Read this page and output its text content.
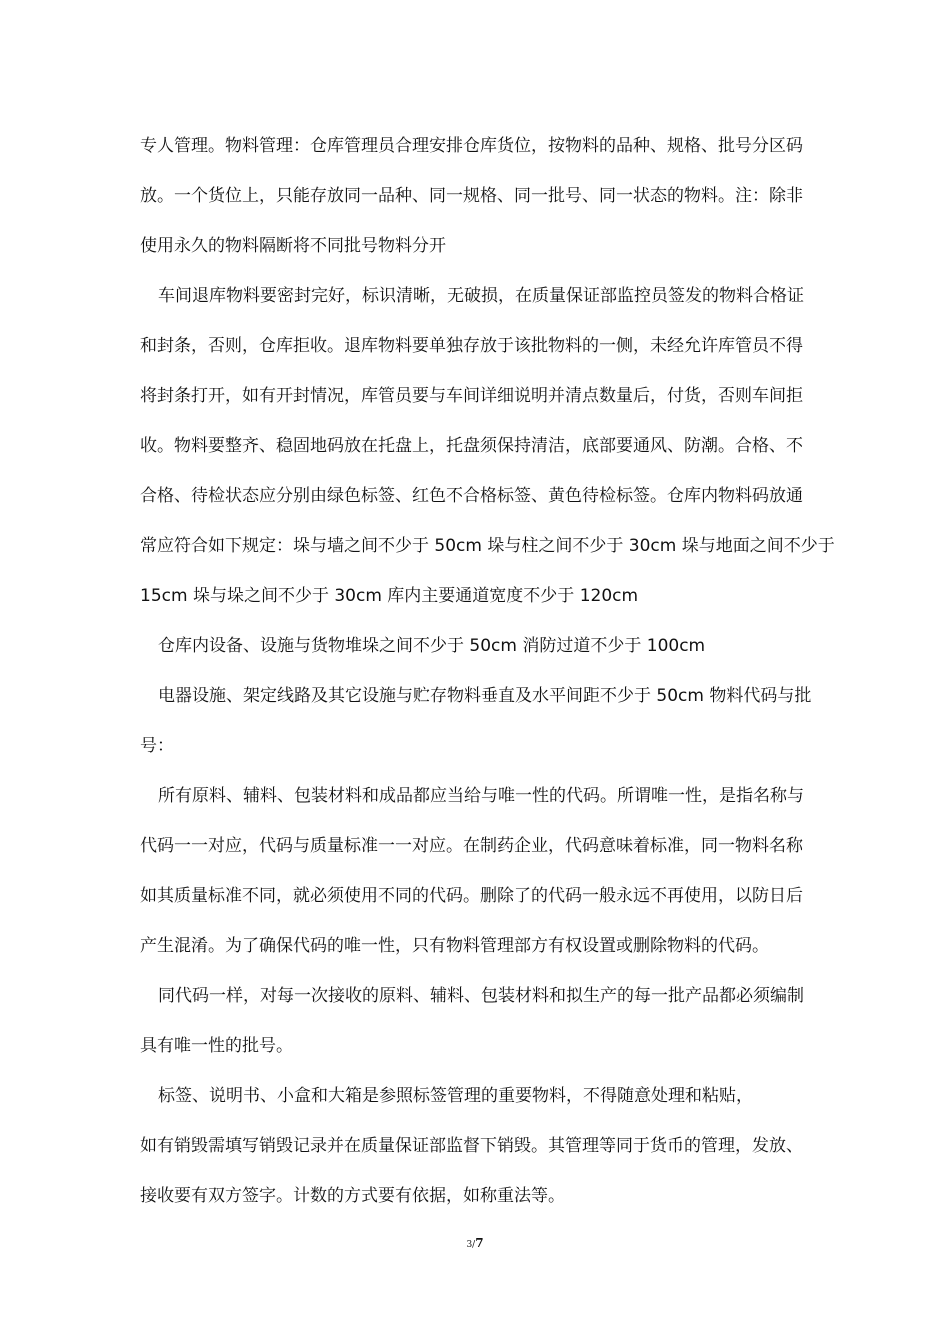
专人管理。物料管理：仓库管理员合理安排仓库货位，按物料的品种、规格、批号分区码
放。一个货位上，只能存放同一品种、同一规格、同一批号、同一状态的物料。注：除非
使用永久的物料隔断将不同批号物料分开
车间退库物料要密封完好，标识清晰，无破损，在质量保证部监控员签发的物料合格证
和封条，否则，仓库拒收。退库物料要单独存放于该批物料的一侧，未经允许库管员不得
将封条打开，如有开封情况，库管员要与车间详细说明并清点数量后，付货，否则车间拒
收。物料要整齐、稳固地码放在托盘上，托盘须保持清洁，底部要通风、防潮。合格、不
合格、待检状态应分别由绿色标签、红色不合格标签、黄色待检标签。仓库内物料码放通
常应符合如下规定：垛与墙之间不少于 50cm 垛与柱之间不少于 30cm 垛与地面之间不少于
15cm 垛与垛之间不少于 30cm 库内主要通道宽度不少于 120cm
仓库内设备、设施与货物堆垛之间不少于 50cm 消防过道不少于 100cm
电器设施、架定线路及其它设施与贮存物料垂直及水平间距不少于 50cm 物料代码与批
号：
所有原料、辅料、包装材料和成品都应当给与唯一性的代码。所谓唯一性，是指名称与
代码一一对应，代码与质量标准一一对应。在制药企业，代码意味着标准，同一物料名称
如其质量标准不同，就必须使用不同的代码。删除了的代码一般永远不再使用，以防日后
产生混淆。为了确保代码的唯一性，只有物料管理部方有权设置或删除物料的代码。
同代码一样，对每一次接收的原料、辅料、包装材料和拟生产的每一批产品都必须编制
具有唯一性的批号。
标签、说明书、小盒和大箱是参照标签管理的重要物料，不得随意处理和粘贴，
如有销毁需填写销毁记录并在质量保证部监督下销毁。其管理等同于货币的管理，发放、
接收要有双方签字。计数的方式要有依据，如称重法等。
3/7
